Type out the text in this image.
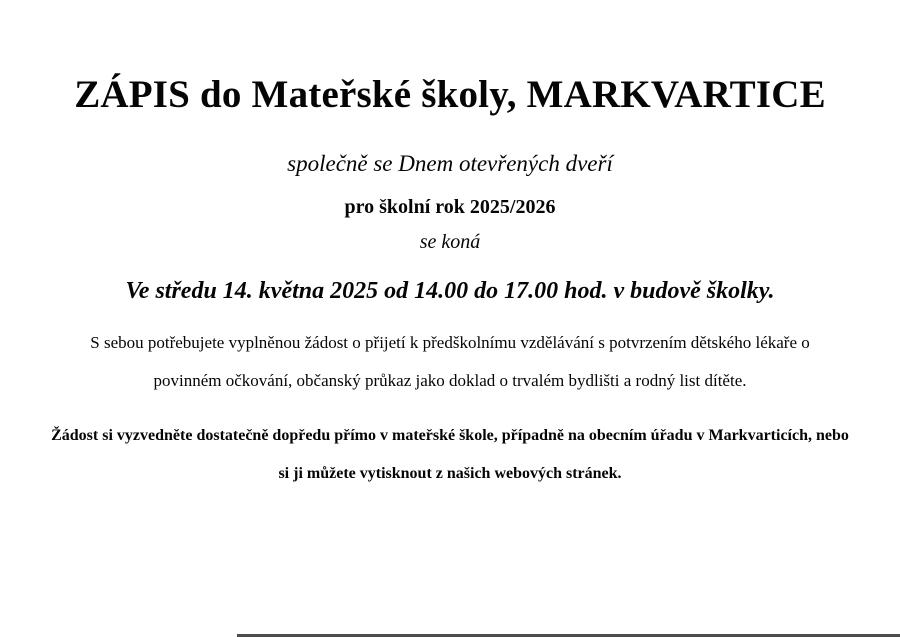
ZÁPIS do Mateřské školy, MARKVARTICE
společně se Dnem otevřených dveří
pro školní rok 2025/2026
se koná
Ve středu 14. května 2025 od 14.00 do 17.00 hod. v budově školky.
S sebou potřebujete vyplněnou žádost o přijetí k předškolnímu vzdělávání s potvrzením dětského lékaře o
povinném očkování, občanský průkaz jako doklad o trvalém bydlišti a rodný list dítěte.
Žádost si vyzvedněte dostatečně dopředu přímo v mateřské škole, případně na obecním úřadu v Markvarticích, nebo
si ji můžete vytisknout z našich webových stránek.
